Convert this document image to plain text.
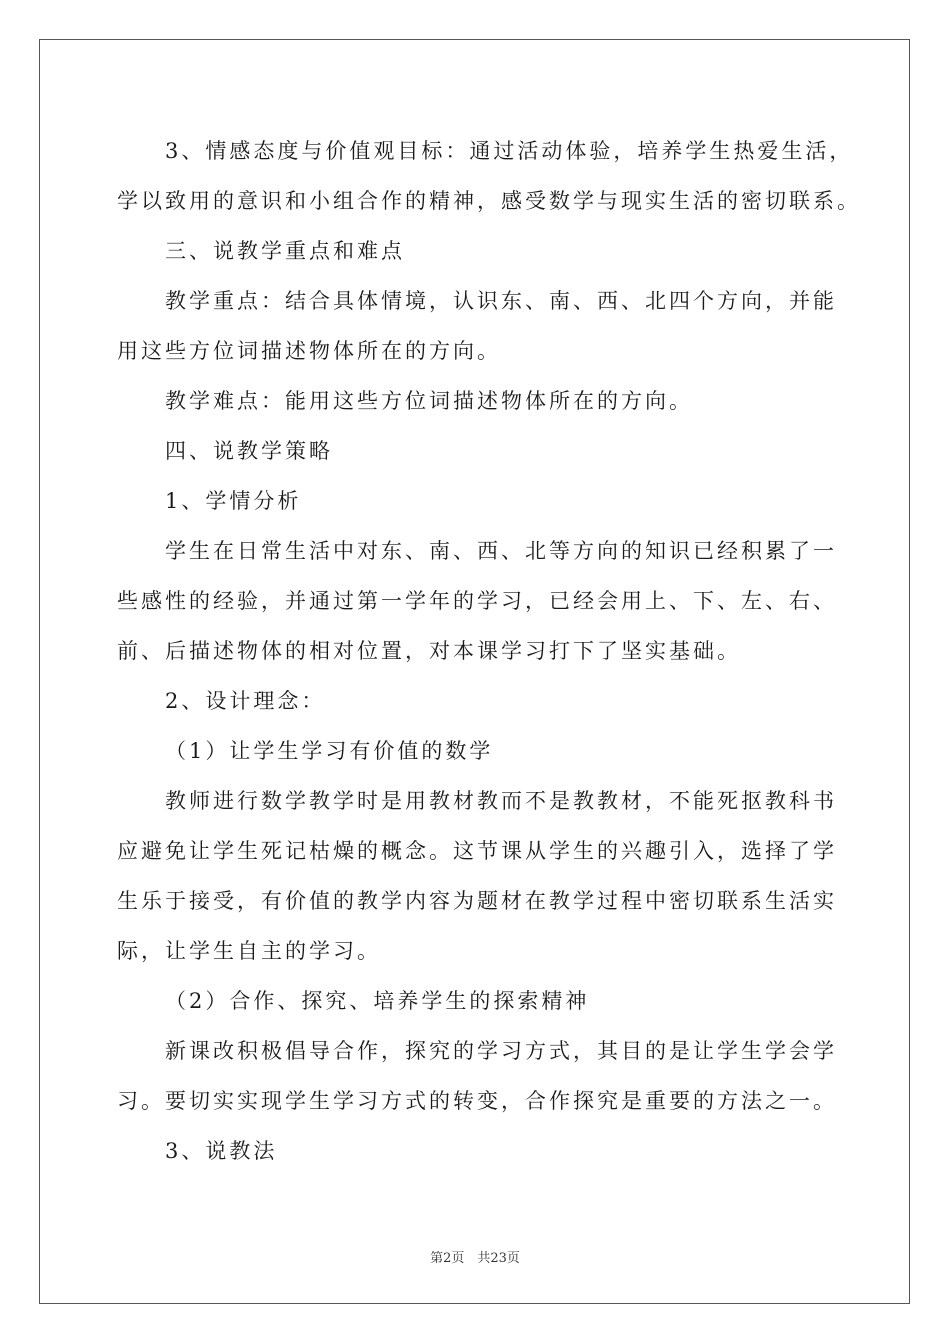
3、情感态度与价值观目标：通过活动体验，培养学生热爱生活，

学以致用的意识和小组合作的精神，感受数学与现实生活的密切联系。

三、说教学重点和难点

教学重点：结合具体情境，认识东、南、西、北四个方向，并能

用这些方位词描述物体所在的方向。

教学难点：能用这些方位词描述物体所在的方向。

四、说教学策略

1、学情分析

学生在日常生活中对东、南、西、北等方向的知识已经积累了一

些感性的经验，并通过第一学年的学习，已经会用上、下、左、右、

前、后描述物体的相对位置，对本课学习打下了坚实基础。

2、设计理念：

（1）让学生学习有价值的数学

教师进行数学教学时是用教材教而不是教教材，不能死抠教科书

应避免让学生死记枯燥的概念。这节课从学生的兴趣引入，选择了学

生乐于接受，有价值的教学内容为题材在教学过程中密切联系生活实

际，让学生自主的学习。

（2）合作、探究、培养学生的探索精神

新课改积极倡导合作，探究的学习方式，其目的是让学生学会学

习。要切实实现学生学习方式的转变，合作探究是重要的方法之一。

3、说教法

第2页　共23页
